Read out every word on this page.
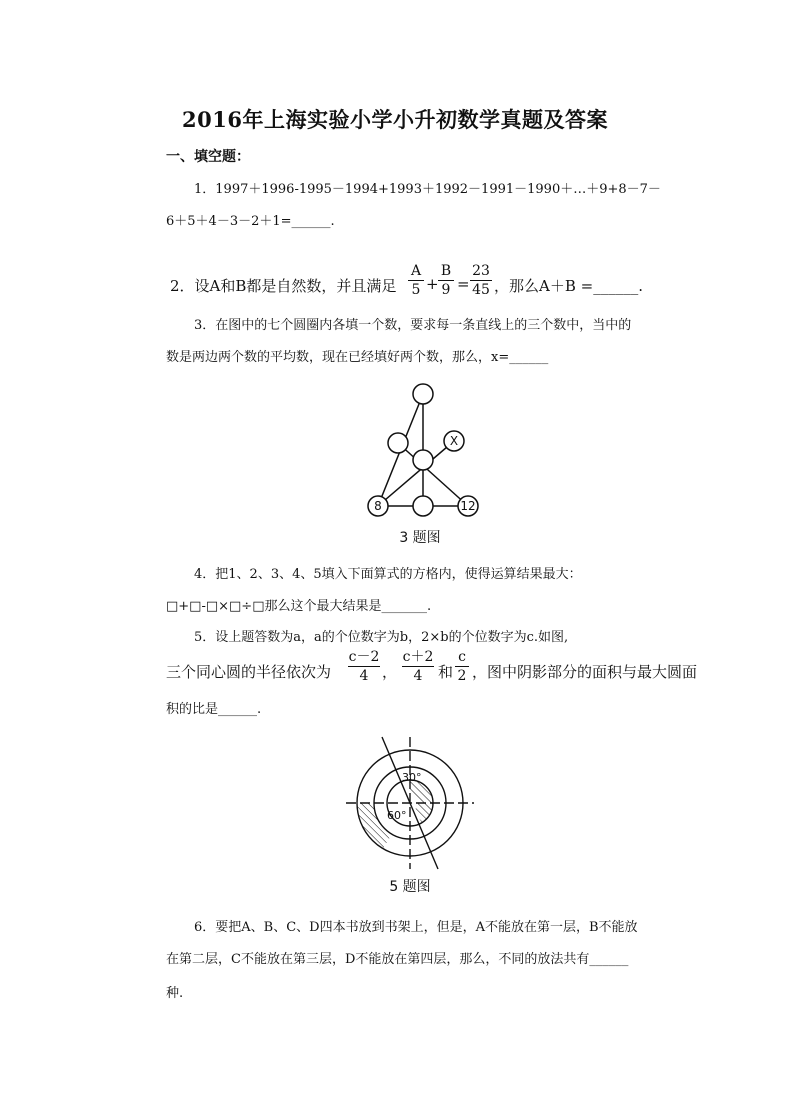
2016年上海实验小学小升初数学真题及答案
一、填空题：
1．1997＋1996-1995－1994+1993＋1992－1991－1990＋…＋9+8－7－
6＋5＋4－3－2＋1=______.
2．设A和B都是自然数，并且满足
A
5 +
B
9 =
23
45 ，那么A＋B =______.
3．在图中的七个圆圈内各填一个数，要求每一条直线上的三个数中，当中的
数是两边两个数的平均数，现在已经填好两个数，那么，x=______
X
8	12
3 题图
4．把1、2、3、4、5填入下面算式的方格内，使得运算结果最大：
□+□-□×□÷□那么这个最大结果是_______.
5．设上题答数为a，a的个位数字为b，2×b的个位数字为c.如图,
三个同心圆的半径依次为
c－2
4 ，
c＋2
4	和
c
2 ，图中阴影部分的面积与最大圆面
积的比是______.
30°
60°
5 题图
6．要把A、B、C、D四本书放到书架上，但是，A不能放在第一层，B不能放
在第二层，C不能放在第三层，D不能放在第四层，那么，不同的放法共有______
种.
